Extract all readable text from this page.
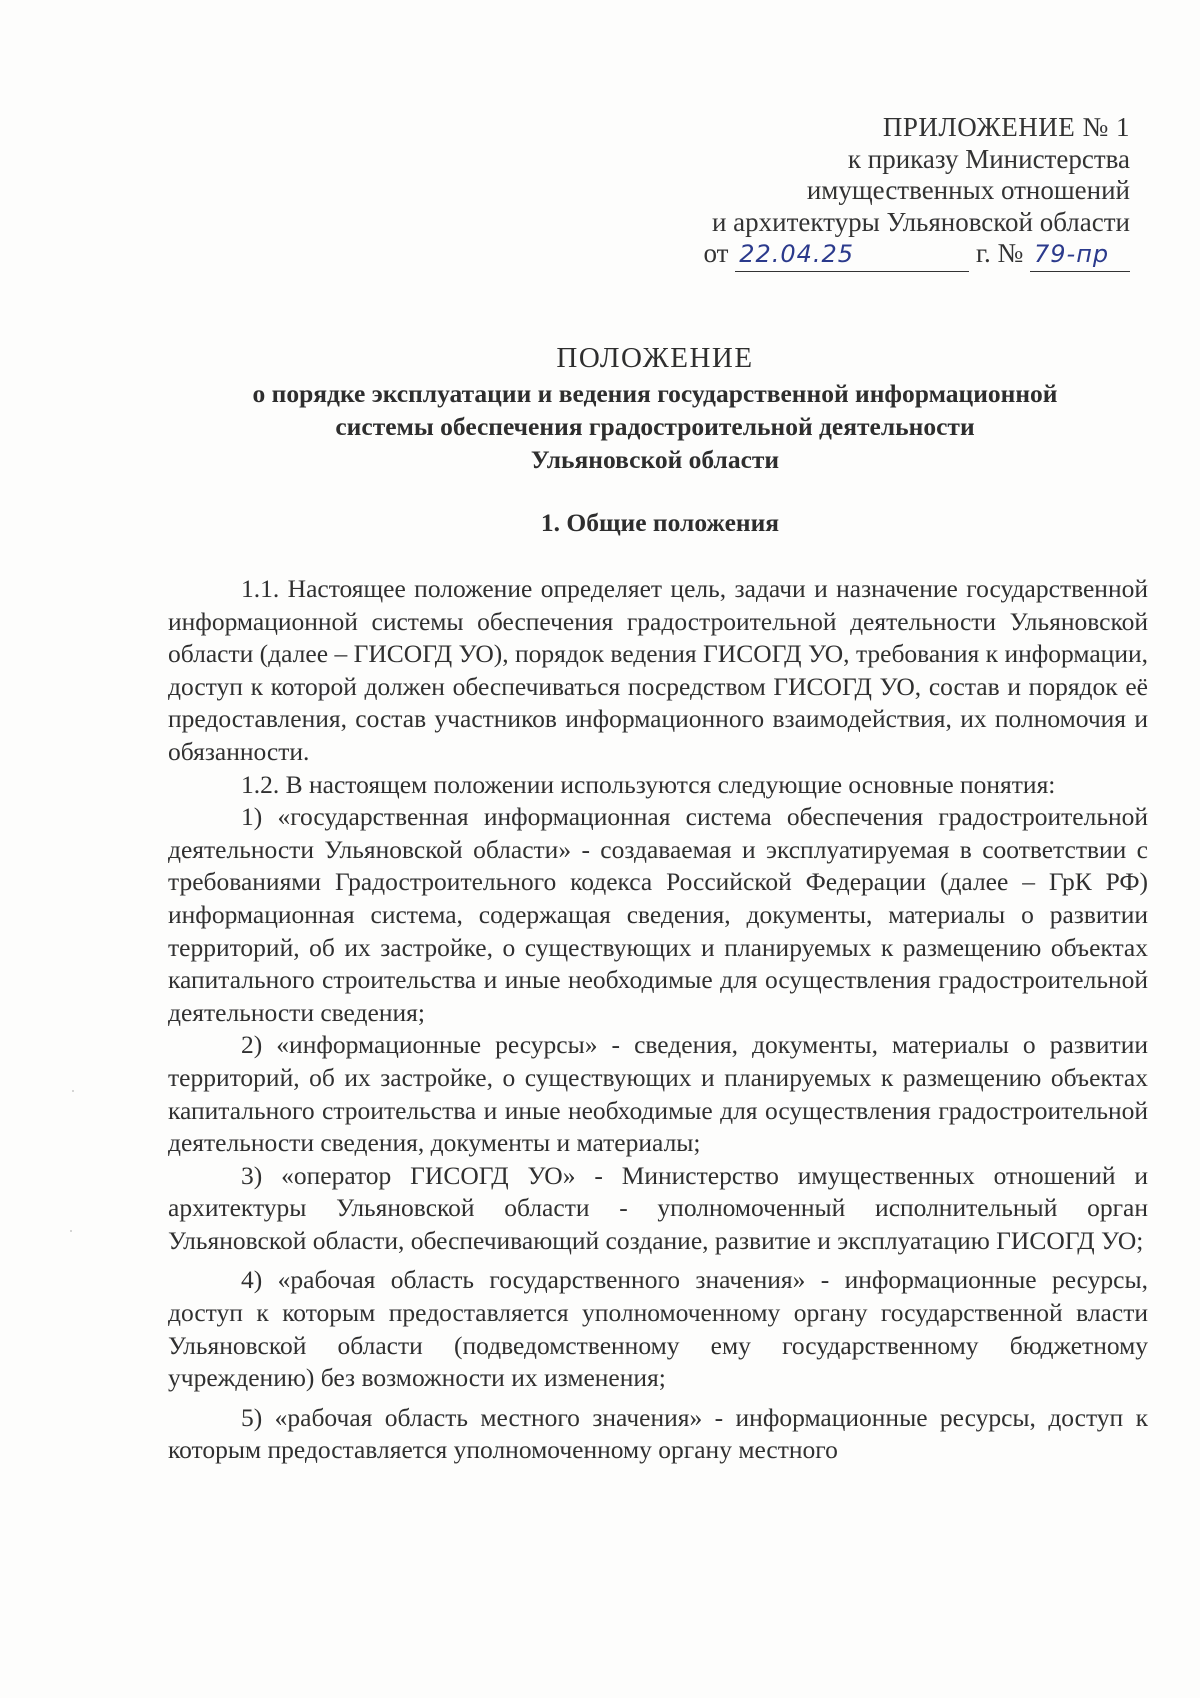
ПРИЛОЖЕНИЕ № 1
к приказу Министерства
имущественных отношений
и архитектуры Ульяновской области
от 22.04.25	г. № 79-пр
ПОЛОЖЕНИЕ
о порядке эксплуатации и ведения государственной информационной
системы обеспечения градостроительной деятельности
Ульяновской области
1. Общие положения

1.1. Настоящее положение определяет цель, задачи и назначение государственной информационной системы обеспечения градостроительной деятельности Ульяновской области (далее – ГИСОГД УО), порядок ведения ГИСОГД УО, требования к информации, доступ к которой должен обеспечиваться посредством ГИСОГД УО, состав и порядок её предоставления, состав участников информационного взаимодействия, их полномочия и обязанности.

1.2. В настоящем положении используются следующие основные понятия:

1) «государственная информационная система обеспечения градостроительной деятельности Ульяновской области» - создаваемая и эксплуатируемая в соответствии с требованиями Градостроительного кодекса Российской Федерации (далее – ГрК РФ) информационная система, содержащая сведения, документы, материалы о развитии территорий, об их застройке, о существующих и планируемых к размещению объектах капитального строительства и иные необходимые для осуществления градостроительной деятельности сведения;

2) «информационные ресурсы» - сведения, документы, материалы о развитии территорий, об их застройке, о существующих и планируемых к размещению объектах капитального строительства и иные необходимые для осуществления градостроительной деятельности сведения, документы и материалы;

3) «оператор ГИСОГД УО» - Министерство имущественных отношений и архитектуры Ульяновской области - уполномоченный исполнительный орган Ульяновской области, обеспечивающий создание, развитие и эксплуатацию ГИСОГД УО;

4) «рабочая область государственного значения» - информационные ресурсы, доступ к которым предоставляется уполномоченному органу государственной власти Ульяновской области (подведомственному ему государственному бюджетному учреждению) без возможности их изменения;

5) «рабочая область местного значения» - информационные ресурсы, доступ к которым предоставляется уполномоченному органу местного
